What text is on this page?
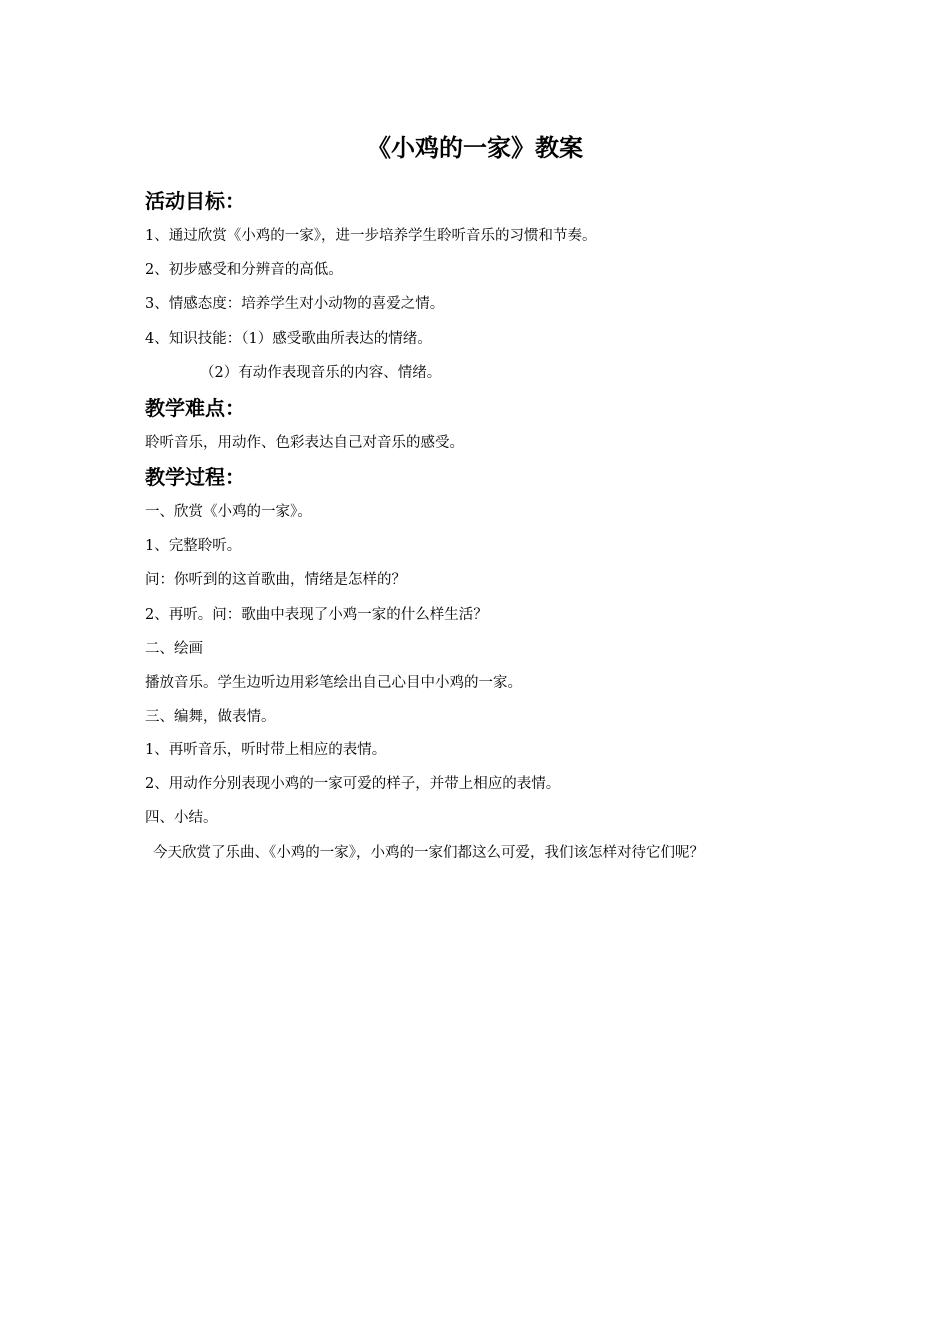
《小鸡的一家》教案
活动目标：

1、通过欣赏《小鸡的一家》，进一步培养学生聆听音乐的习惯和节奏。

2、初步感受和分辨音的高低。

3、情感态度：培养学生对小动物的喜爱之情。

4、知识技能：（1）感受歌曲所表达的情绪。

（2）有动作表现音乐的内容、情绪。

教学难点：

聆听音乐，用动作、色彩表达自己对音乐的感受。

教学过程：

一、欣赏《小鸡的一家》。

1、完整聆听。

问：你听到的这首歌曲，情绪是怎样的？

2、再听。问：歌曲中表现了小鸡一家的什么样生活？

二、绘画

播放音乐。学生边听边用彩笔绘出自己心目中小鸡的一家。

三、编舞，做表情。

1、再听音乐，听时带上相应的表情。

2、用动作分别表现小鸡的一家可爱的样子，并带上相应的表情。

四、小结。

今天欣赏了乐曲、《小鸡的一家》，小鸡的一家们都这么可爱，我们该怎样对待它们呢？
